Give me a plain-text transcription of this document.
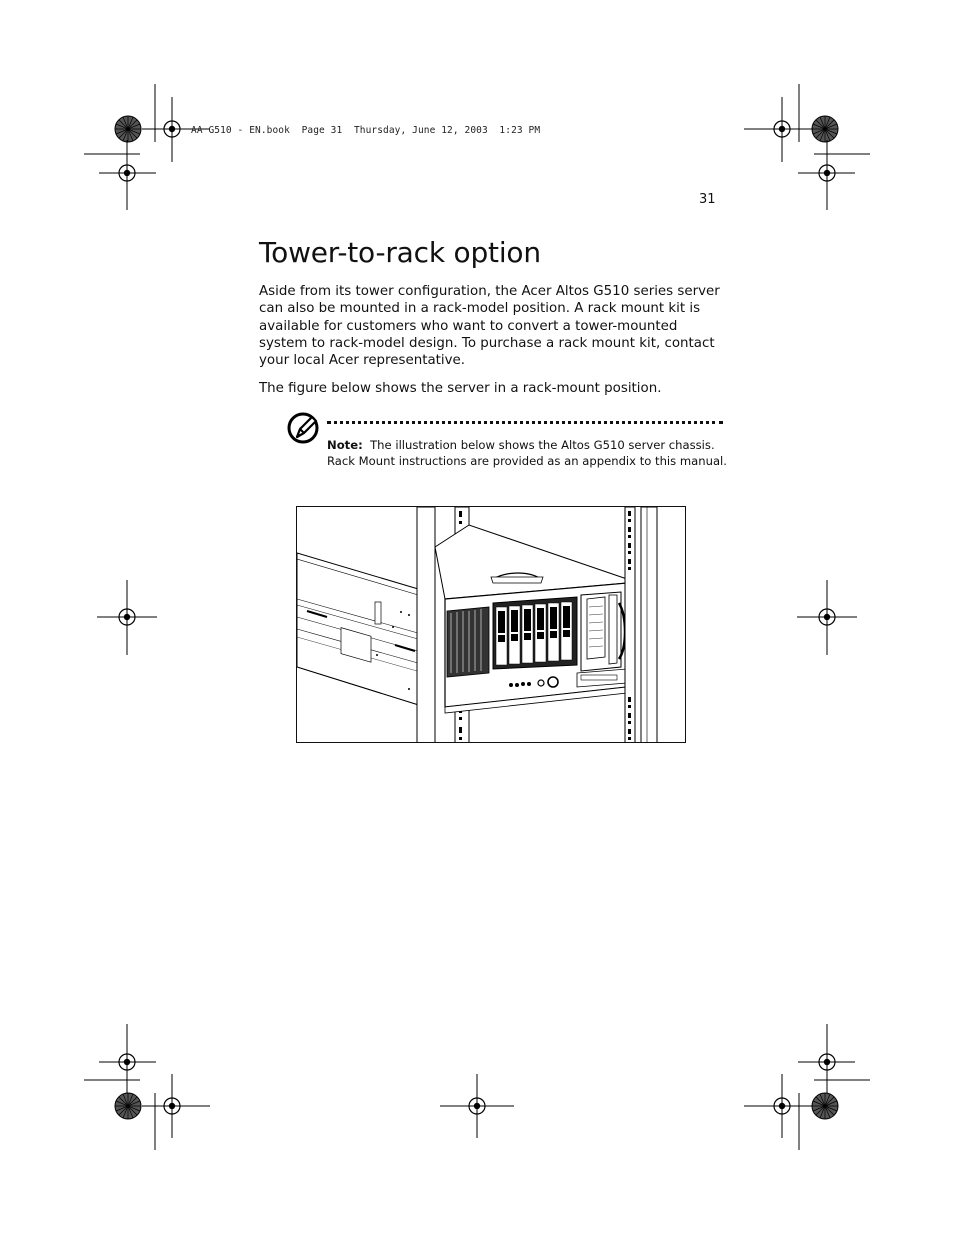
AA G510 - EN.book  Page 31  Thursday, June 12, 2003  1:23 PM
31
Tower-to-rack option

Aside from its tower configuration, the Acer Altos G510 series server can also be mounted in a rack-model position. A rack mount kit is available for customers who want to convert a tower-mounted system to rack-model design. To purchase a rack mount kit, contact your local Acer representative.

The figure below shows the server in a rack-mount position.

Note: The illustration below shows the Altos G510 server chassis. Rack Mount instructions are provided as an appendix to this manual.
